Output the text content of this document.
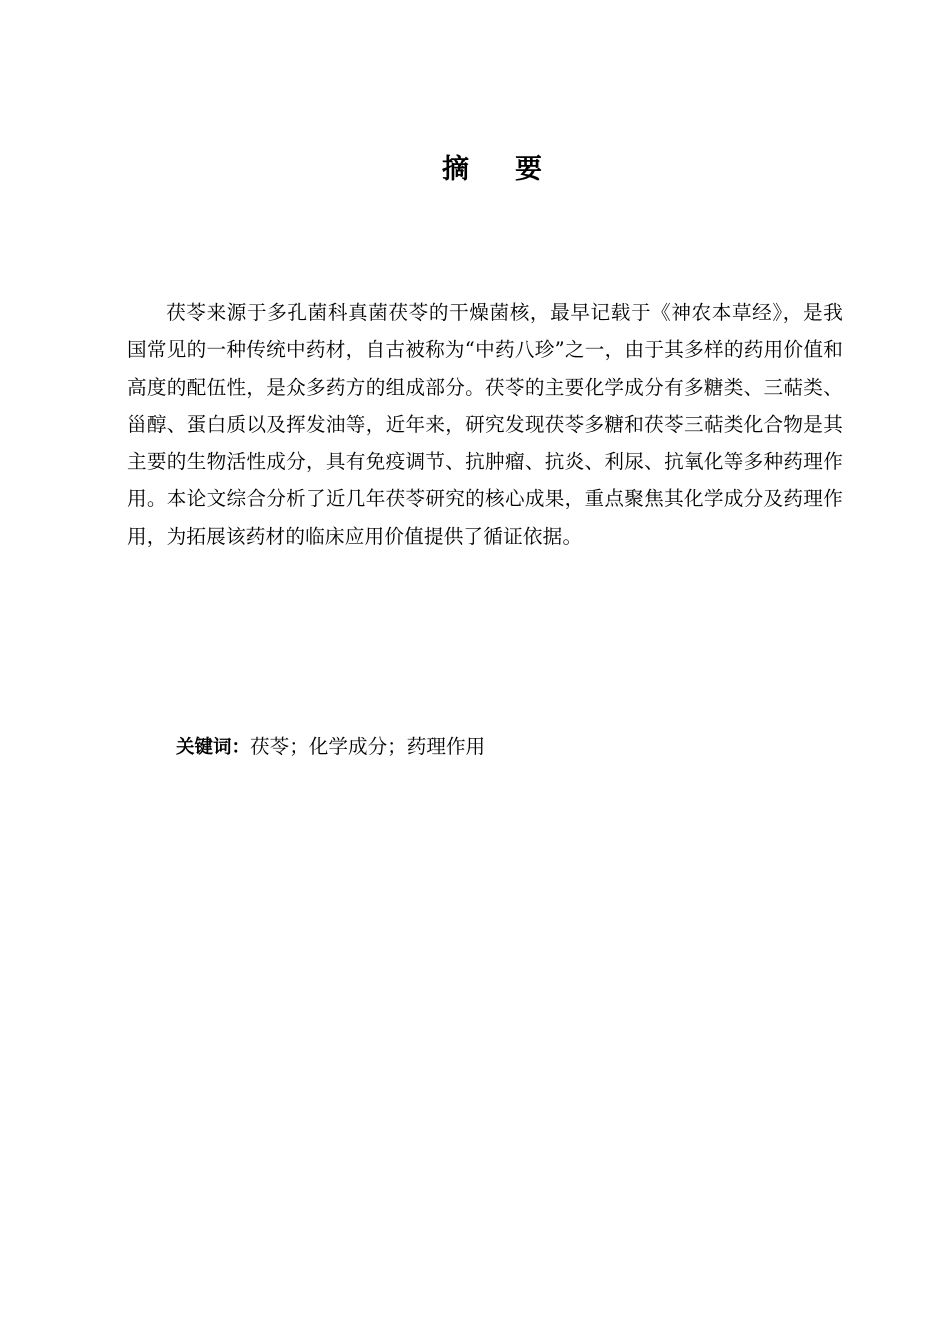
摘 要

茯苓来源于多孔菌科真菌茯苓的干燥菌核，最早记载于《神农本草经》，是我国常见的一种传统中药材，自古被称为“中药八珍”之一，由于其多样的药用价值和高度的配伍性，是众多药方的组成部分。茯苓的主要化学成分有多糖类、三萜类、甾醇、蛋白质以及挥发油等，近年来，研究发现茯苓多糖和茯苓三萜类化合物是其主要的生物活性成分，具有免疫调节、抗肿瘤、抗炎、利尿、抗氧化等多种药理作用。本论文综合分析了近几年茯苓研究的核心成果，重点聚焦其化学成分及药理作用，为拓展该药材的临床应用价值提供了循证依据。

关键词：茯苓；化学成分；药理作用
